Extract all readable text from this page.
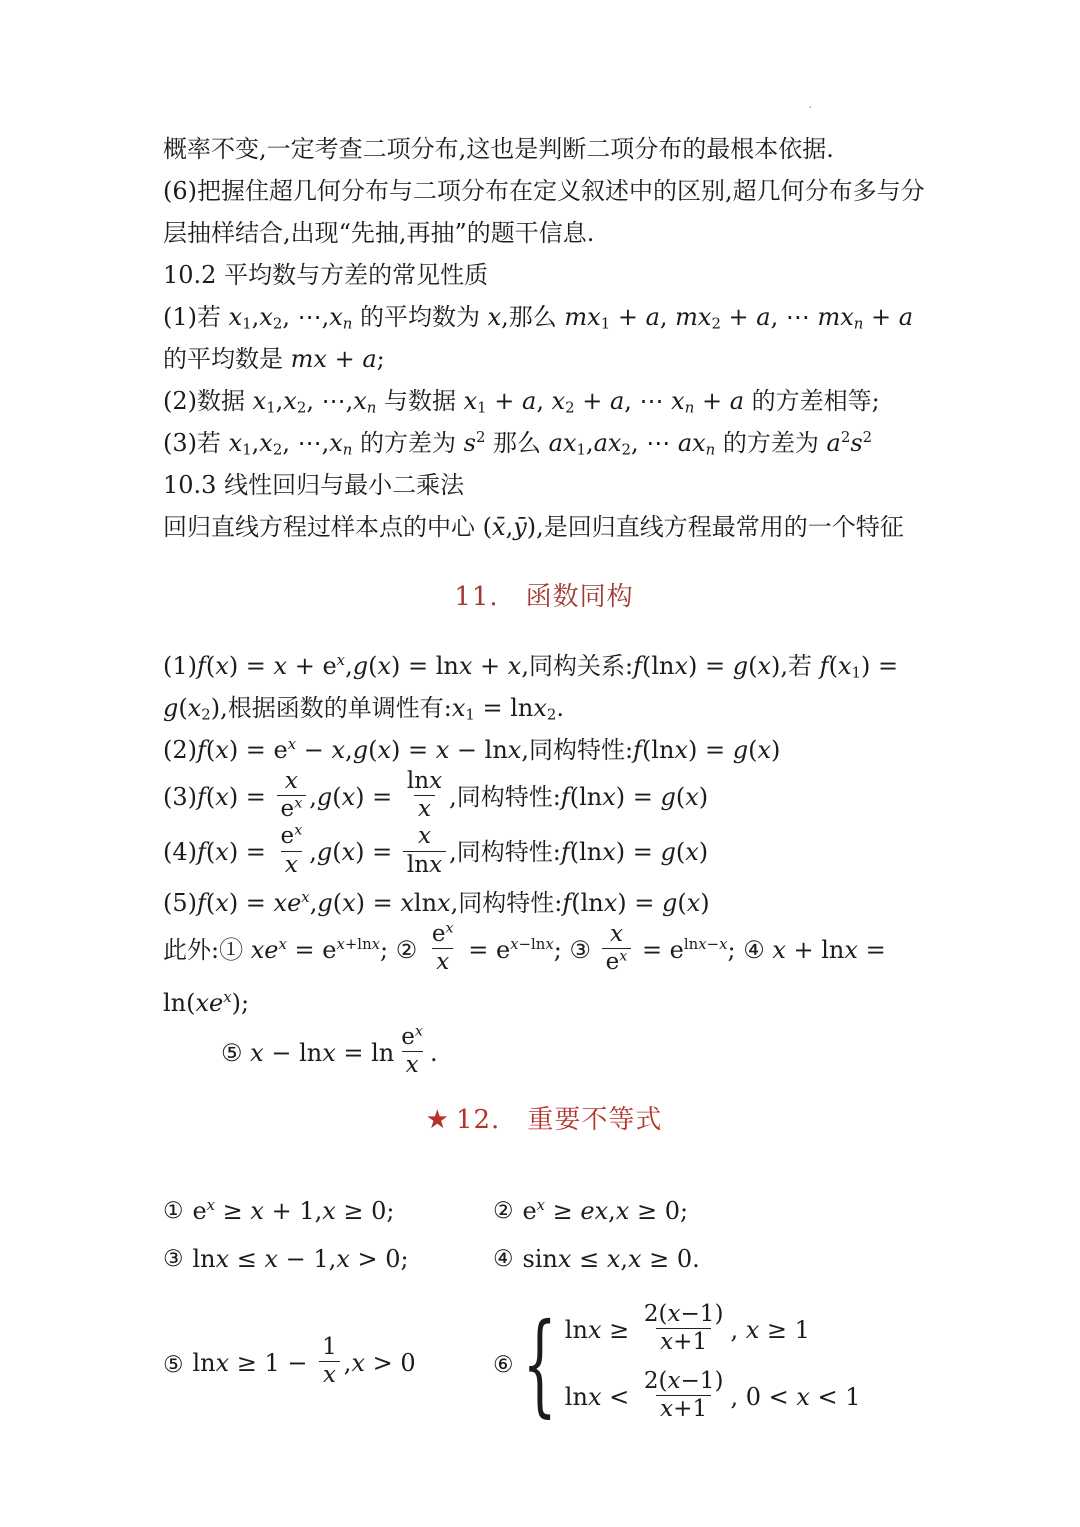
.

概率不变,一定考查二项分布,这也是判断二项分布的最根本依据.

(6)把握住超几何分布与二项分布在定义叙述中的区别,超几何分布多与分层抽样结合,出现“先抽,再抽”的题干信息.

10.2 平均数与方差的常见性质

(1)若 $x_1,x_2$, $\cdots,x_n$ 的平均数为 x,那么 $mx_1 + a$, $mx_2 + a$, ⋯ $mx_n + a$ 的平均数是 mx + a;

(2)数据 $x_1,x_2$, $\cdots,x_n$ 与数据 $x_1 + a$, $x_2 + a$, ⋯ $x_n + a$ 的方差相等;

(3)若 $x_1,x_2$, $\cdots,x_n$ 的方差为 $s^2$ 那么 $ax_1,ax_2$, ⋯ $ax_n$ 的方差为 $a^2s^2$

10.3 线性回归与最小二乘法

回归直线方程过样本点的中心 (x̄,ȳ),是回归直线方程最常用的一个特征

11.　函数同构

$(1)f(x) = x + e^x,g(x) = \ln x + x$,同构关系:f(lnx) = g(x),若 $f(x_1) = g(x_2)$,根据函数的单调性有$:x_1 = \ln x_2$.

$(2)f(x) = e^x - x,g(x) = x - \ln x$,同构特性:f(lnx) = g(x)

$(3)f(x) = \frac{x}{e^x} ,g(x) = \frac{\ln x}{x}$ ,同构特性:f(lnx) = g(x)

$(4)f(x) = \frac{e^x}{x} ,g(x) = \frac{x}{\ln x}$ ,同构特性:f(lnx) = g(x)

$(5)f(x) = xe^x,g(x) = xlnx$,同构特性:f(lnx) = g(x)

此外:① $xe^x = e^{x+lnx}$; ② $\frac{e^x}{x} = e^{x-lnx}$; ③ $\frac{x}{e^x} = e^{lnx-x}$; ④ $x + \ln x = \ln(xe^x)$;

⑤ $x - \ln x = \ln \frac{e^x}{x}$ .

★ 12.　重要不等式

① $e^x \ge x + 1,x \ge 0$;	② $e^x \ge ex,x \ge 0$;

③ lnx ≤ x − 1,x > 0;	④ sinx ≤ x,x ≥ 0.

⑤ $\ln x \ge 1 - \frac{1}{x} ,x > 0$	⑥ { $\ln x \ge \frac{2(x-1)}{x+1}$ , x ≥ 1
$\ln x < \frac{2(x-1)}{x+1}$ , 0 < x < 1
